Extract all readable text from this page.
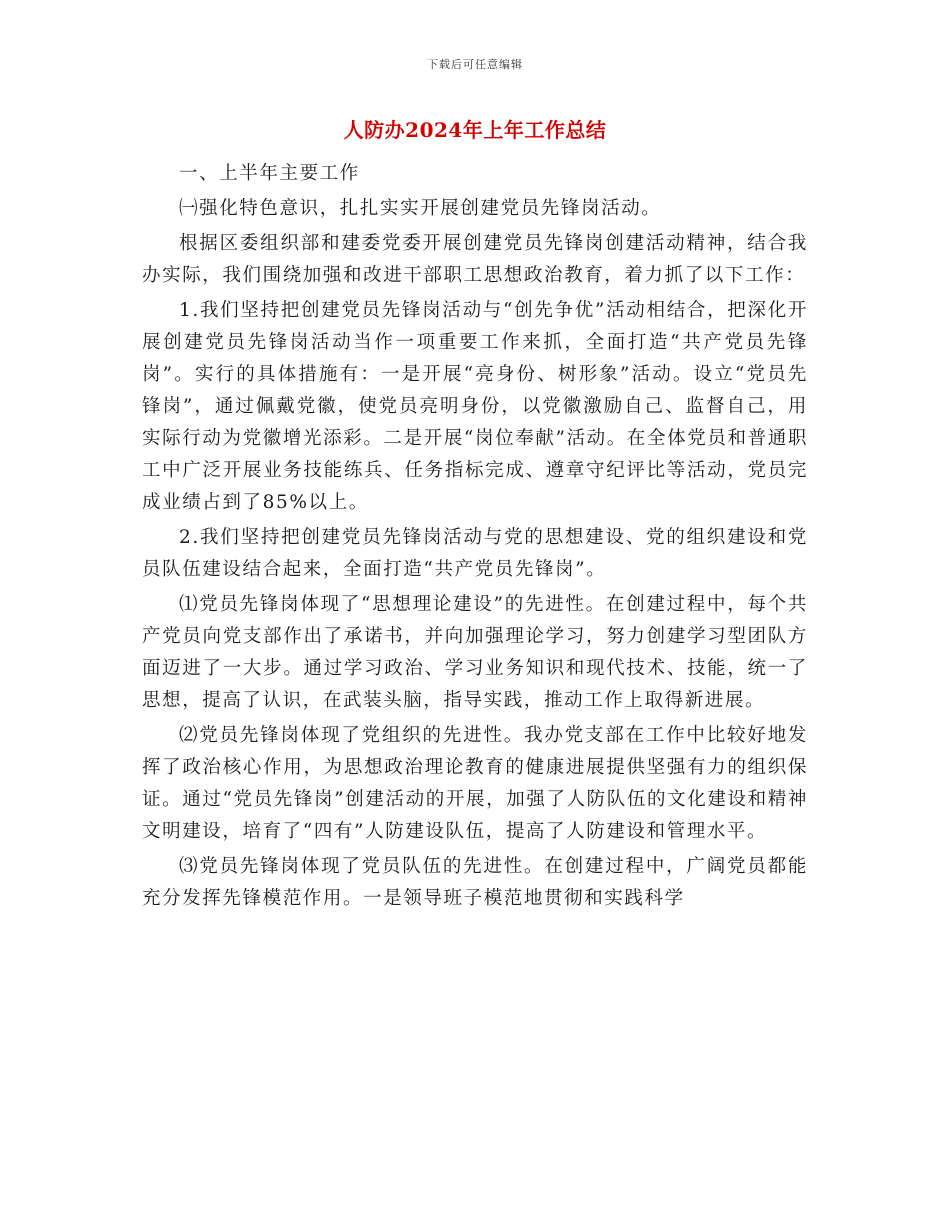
下载后可任意编辑
人防办2024年上年工作总结

一、上半年主要工作

㈠强化特色意识，扎扎实实开展创建党员先锋岗活动。

根据区委组织部和建委党委开展创建党员先锋岗创建活动精神，结合我办实际，我们围绕加强和改进干部职工思想政治教育，着力抓了以下工作：

1.我们坚持把创建党员先锋岗活动与“创先争优”活动相结合，把深化开展创建党员先锋岗活动当作一项重要工作来抓，全面打造“共产党员先锋岗”。实行的具体措施有：一是开展“亮身份、树形象”活动。设立“党员先锋岗”，通过佩戴党徽，使党员亮明身份，以党徽激励自己、监督自己，用实际行动为党徽增光添彩。二是开展“岗位奉献”活动。在全体党员和普通职工中广泛开展业务技能练兵、任务指标完成、遵章守纪评比等活动，党员完成业绩占到了85%以上。

2.我们坚持把创建党员先锋岗活动与党的思想建设、党的组织建设和党员队伍建设结合起来，全面打造“共产党员先锋岗”。

⑴党员先锋岗体现了“思想理论建设”的先进性。在创建过程中，每个共产党员向党支部作出了承诺书，并向加强理论学习，努力创建学习型团队方面迈进了一大步。通过学习政治、学习业务知识和现代技术、技能，统一了思想，提高了认识，在武装头脑，指导实践，推动工作上取得新进展。

⑵党员先锋岗体现了党组织的先进性。我办党支部在工作中比较好地发挥了政治核心作用，为思想政治理论教育的健康进展提供坚强有力的组织保证。通过“党员先锋岗”创建活动的开展，加强了人防队伍的文化建设和精神文明建设，培育了“四有”人防建设队伍，提高了人防建设和管理水平。

⑶党员先锋岗体现了党员队伍的先进性。在创建过程中，广阔党员都能充分发挥先锋模范作用。一是领导班子模范地贯彻和实践科学
